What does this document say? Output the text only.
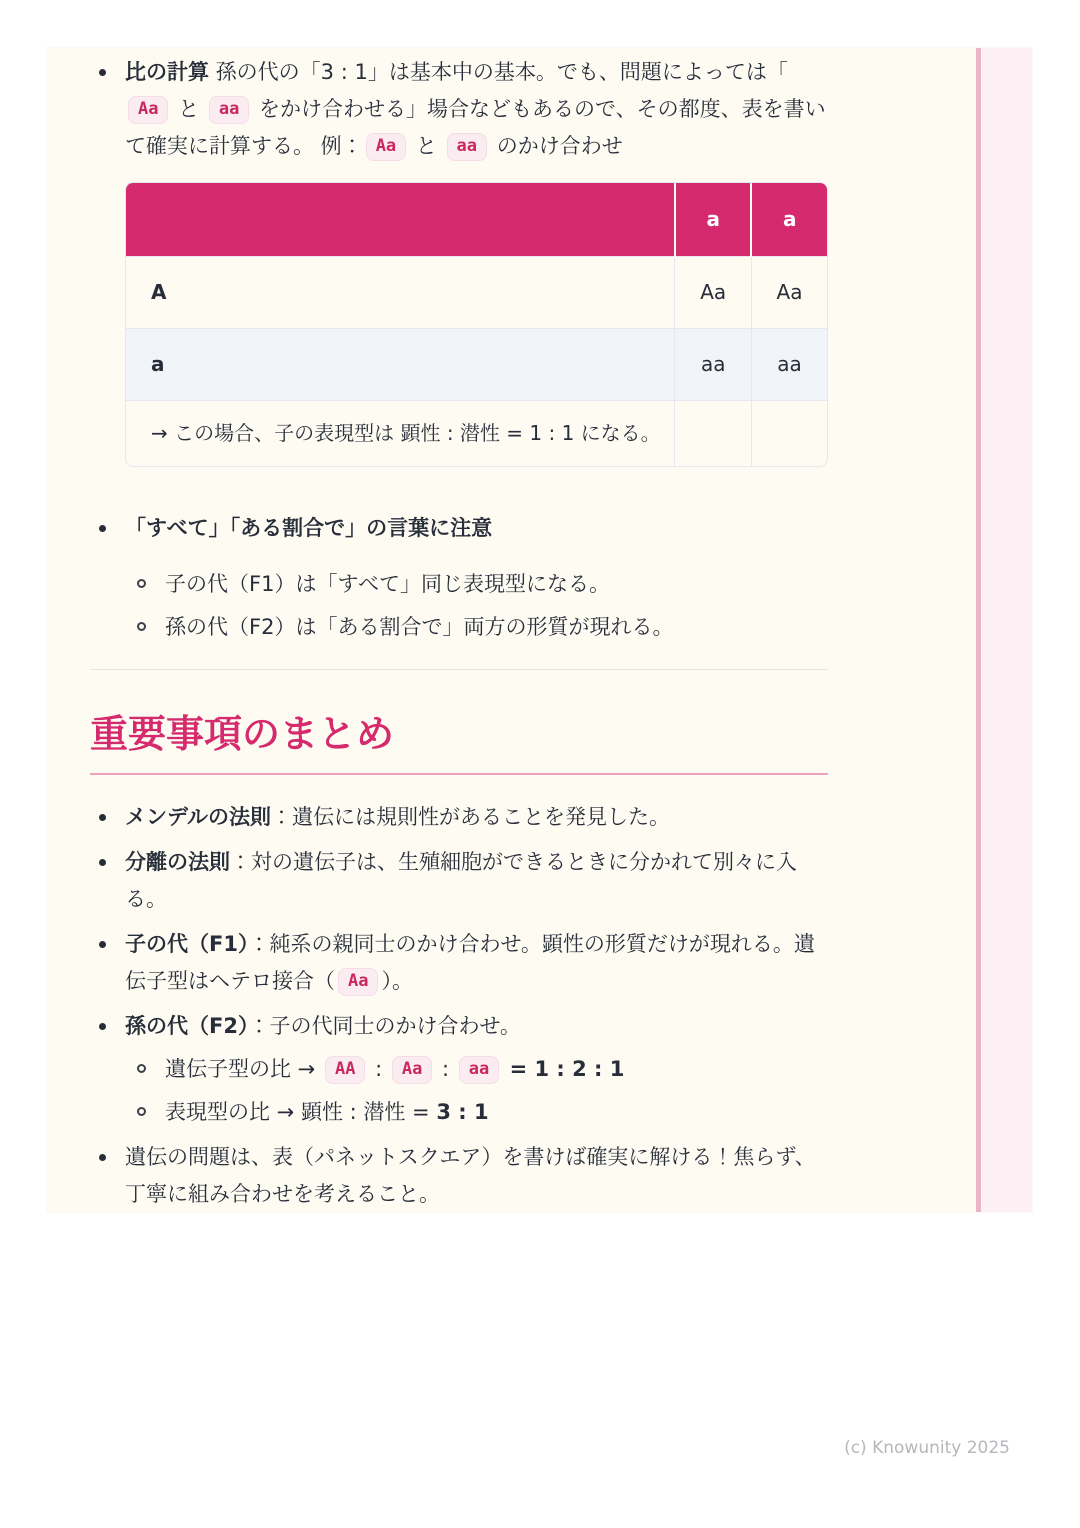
比の計算 孫の代の「3 : 1」は基本中の基本。でも、問題によっては「Aa と aa をかけ合わせる」場合などもあるので、その都度、表を書いて確実に計算する。 例： Aa と aa のかけ合わせ

	a	a
A	Aa	Aa
a	aa	aa
→ この場合、子の表現型は 顕性 : 潜性 = 1 : 1 になる。		

「すべて」「ある割合で」の言葉に注意

子の代（F1）は「すべて」同じ表現型になる。
孫の代（F2）は「ある割合で」両方の形質が現れる。
重要事項のまとめ

メンデルの法則：遺伝には規則性があることを発見した。

分離の法則：対の遺伝子は、生殖細胞ができるときに分かれて別々に入る。

子の代（F1）：純系の親同士のかけ合わせ。顕性の形質だけが現れる。遺伝子型はヘテロ接合（ Aa ）。

孫の代（F2）：子の代同士のかけ合わせ。

遺伝子型の比 → AA : Aa : aa = 1 : 2 : 1
表現型の比 → 顕性 : 潜性 = 3 : 1

遺伝の問題は、表（パネットスクエア）を書けば確実に解ける！焦らず、丁寧に組み合わせを考えること。

(c) Knowunity 2025
